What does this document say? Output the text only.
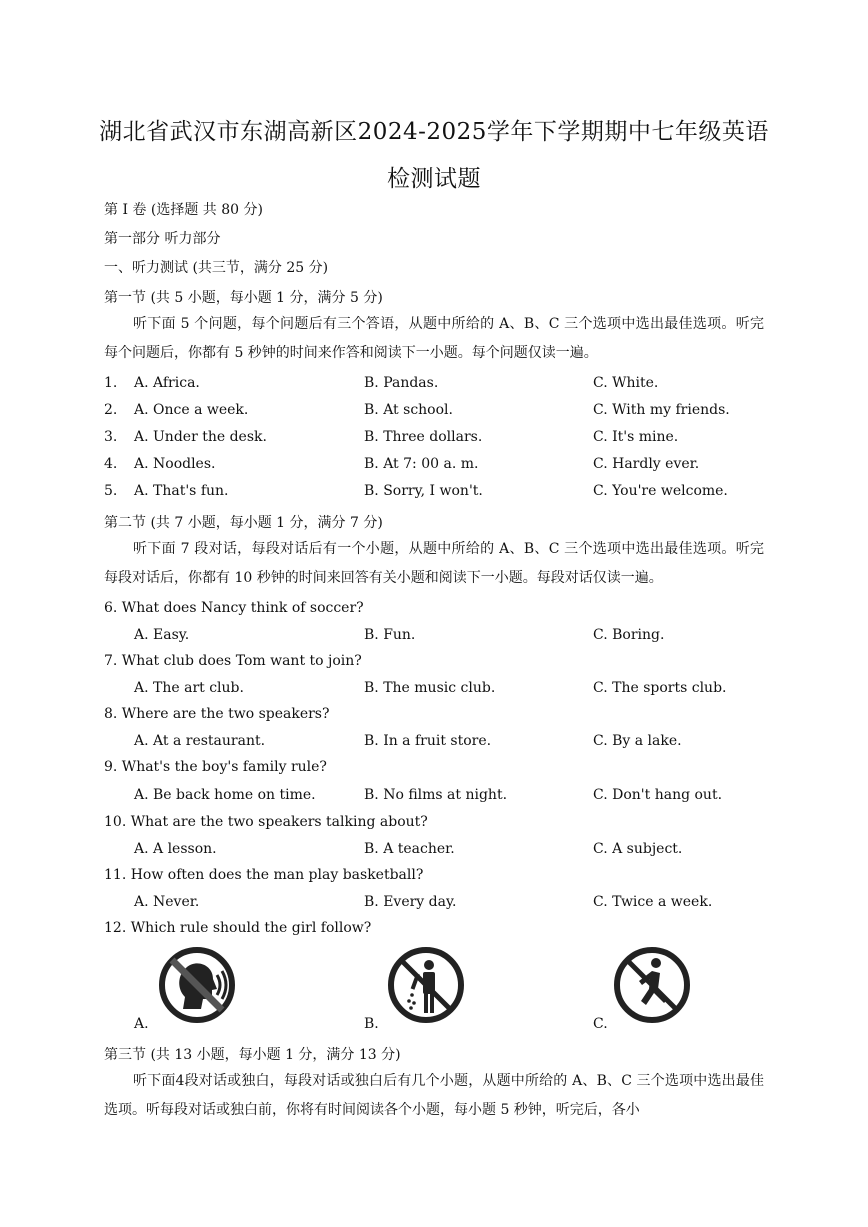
湖北省武汉市东湖高新区2024-2025学年下学期期中七年级英语
检测试题
第 I 卷 (选择题 共 80 分)
第一部分 听力部分
一、听力测试 (共三节，满分 25 分)
第一节 (共 5 小题，每小题 1 分，满分 5 分)
听下面 5 个问题，每个问题后有三个答语，从题中所给的 A、B、C 三个选项中选出最佳选项。听完每个问题后，你都有 5 秒钟的时间来作答和阅读下一小题。每个问题仅读一遍。
1. A. Africa.	B. Pandas.	C. White.
2. A. Once a week.	B. At school.	C. With my friends.
3. A. Under the desk.	B. Three dollars.	C. It's mine.
4. A. Noodles.	B. At 7: 00 a. m.	C. Hardly ever.
5. A. That's fun.	B. Sorry, I won't.	C. You're welcome.
第二节 (共 7 小题，每小题 1 分，满分 7 分)
听下面 7 段对话，每段对话后有一个小题，从题中所给的 A、B、C 三个选项中选出最佳选项。听完每段对话后，你都有 10 秒钟的时间来回答有关小题和阅读下一小题。每段对话仅读一遍。
6. What does Nancy think of soccer?
A. Easy.	B. Fun.	C. Boring.
7. What club does Tom want to join?
A. The art club.	B. The music club.	C. The sports club.
8. Where are the two speakers?
A. At a restaurant.	B. In a fruit store.	C. By a lake.
9. What's the boy's family rule?
A. Be back home on time.	B. No films at night.	C. Don't hang out.
10. What are the two speakers talking about?
A. A lesson.	B. A teacher.	C. A subject.
11. How often does the man play basketball?
A. Never.	B. Every day.	C. Twice a week.
12. Which rule should the girl follow?
A.	B.	C.
第三节 (共 13 小题，每小题 1 分，满分 13 分)
听下面4段对话或独白，每段对话或独白后有几个小题，从题中所给的 A、B、C 三个选项中选出最佳选项。听每段对话或独白前，你将有时间阅读各个小题，每小题 5 秒钟，听完后，各小
